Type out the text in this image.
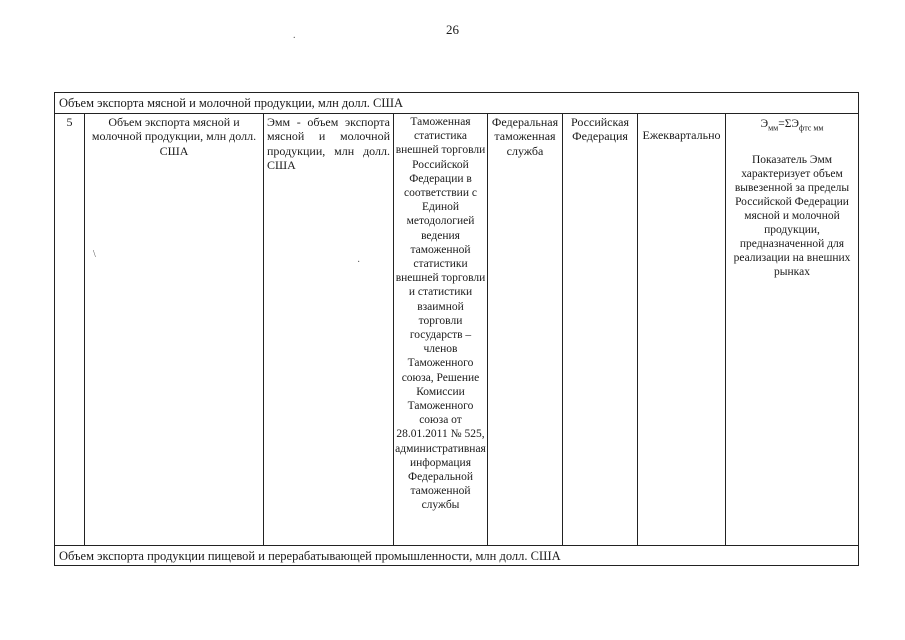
26
.
Объем экспорта мясной и молочной продукции, млн долл. США
5	Объем экспорта мясной и молочной продукции, млн долл. США
Эмм - объем экспорта мясной и молочной продукции, млн долл. США
Таможенная статистика внешней торговли Российской Федерации в соответствии с Единой методологией ведения таможенной статистики внешней торговли и статистики взаимной торговли государств – членов Таможенного союза, Решение Комиссии Таможенного союза от 28.01.2011 № 525, административная информация Федеральной таможенной службы
Федеральная таможенная служба
Российская Федерация	Ежеквартально
$Э_{мм}=\Sigma Э_{фтс мм}$
Показатель Эмм характеризует объем вывезенной за пределы Российской Федерации мясной и молочной продукции, предназначенной для реализации на внешних рынках
\
·
Объем экспорта продукции пищевой и перерабатывающей промышленности, млн долл. США
